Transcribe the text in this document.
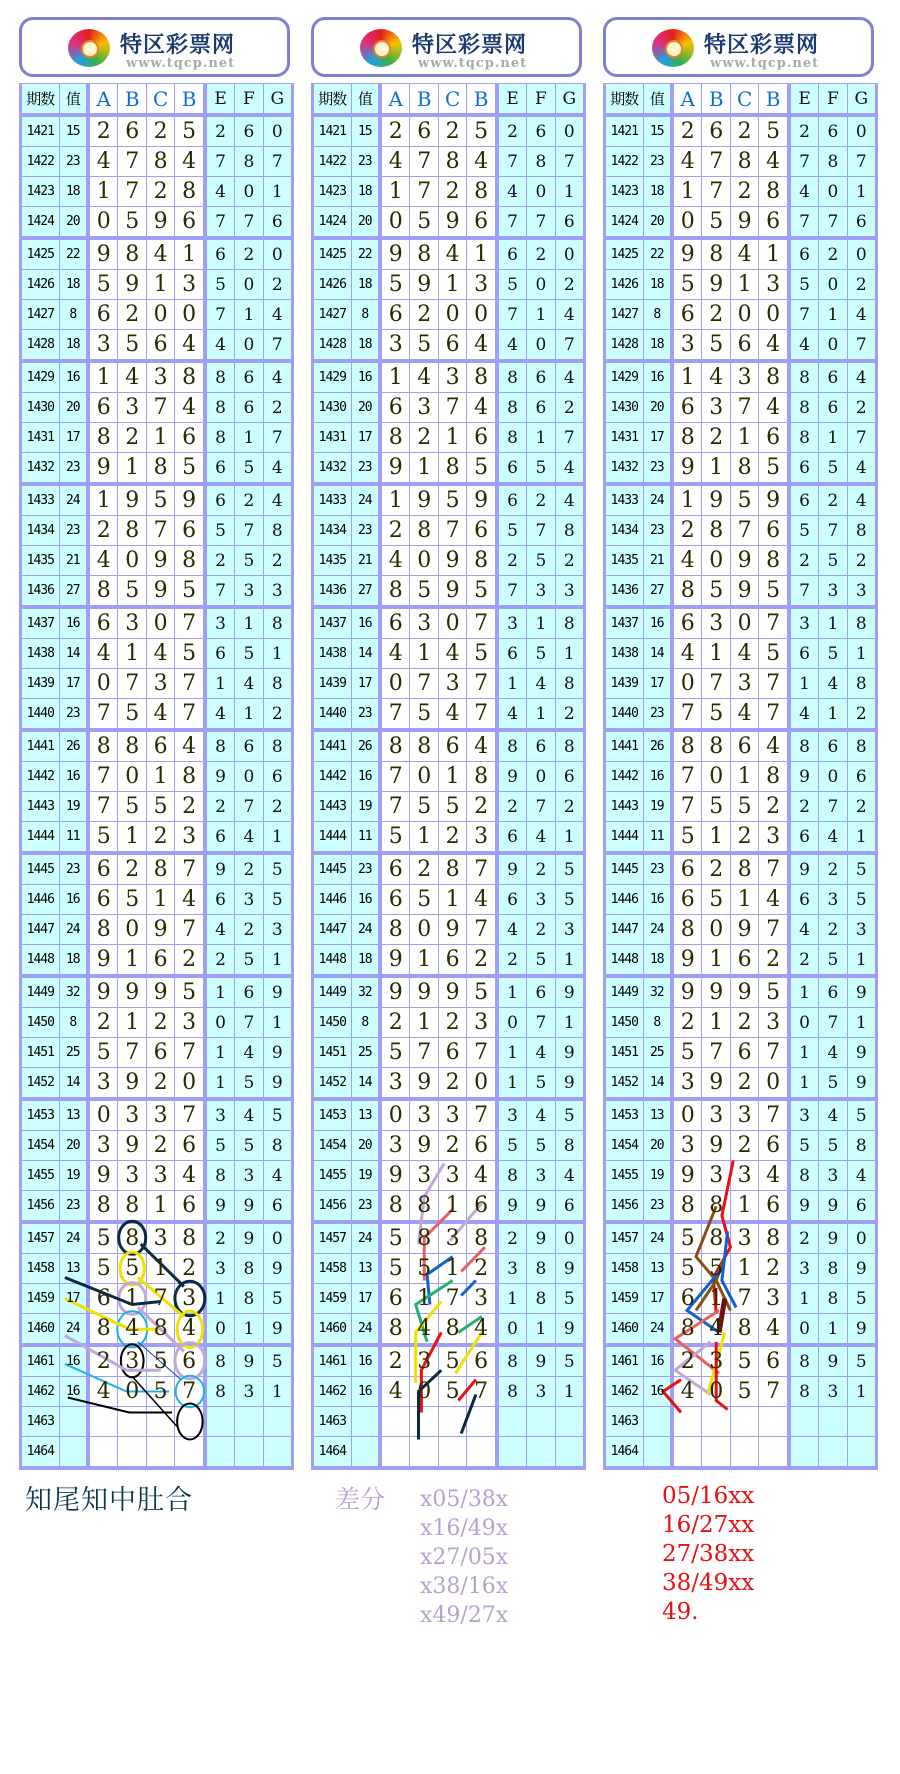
特区彩票网
www.tqcp.net
期数	值	A	B	C	B	E	F	G
1421	15	2	6	2	5	2	6	0
1422	23	4	7	8	4	7	8	7
1423	18	1	7	2	8	4	0	1
1424	20	0	5	9	6	7	7	6
1425	22	9	8	4	1	6	2	0
1426	18	5	9	1	3	5	0	2
1427	8	6	2	0	0	7	1	4
1428	18	3	5	6	4	4	0	7
1429	16	1	4	3	8	8	6	4
1430	20	6	3	7	4	8	6	2
1431	17	8	2	1	6	8	1	7
1432	23	9	1	8	5	6	5	4
1433	24	1	9	5	9	6	2	4
1434	23	2	8	7	6	5	7	8
1435	21	4	0	9	8	2	5	2
1436	27	8	5	9	5	7	3	3
1437	16	6	3	0	7	3	1	8
1438	14	4	1	4	5	6	5	1
1439	17	0	7	3	7	1	4	8
1440	23	7	5	4	7	4	1	2
1441	26	8	8	6	4	8	6	8
1442	16	7	0	1	8	9	0	6
1443	19	7	5	5	2	2	7	2
1444	11	5	1	2	3	6	4	1
1445	23	6	2	8	7	9	2	5
1446	16	6	5	1	4	6	3	5
1447	24	8	0	9	7	4	2	3
1448	18	9	1	6	2	2	5	1
1449	32	9	9	9	5	1	6	9
1450	8	2	1	2	3	0	7	1
1451	25	5	7	6	7	1	4	9
1452	14	3	9	2	0	1	5	9
1453	13	0	3	3	7	3	4	5
1454	20	3	9	2	6	5	5	8
1455	19	9	3	3	4	8	3	4
1456	23	8	8	1	6	9	9	6
1457	24	5	8	3	8	2	9	0
1458	13	5	5	1	2	3	8	9
1459	17	6	1	7	3	1	8	5
1460	24	8	4	8	4	0	1	9
1461	16	2	3	5	6	8	9	5
1462	16	4	0	5	7	8	3	1
1463								
1464								
特区彩票网
www.tqcp.net
期数	值	A	B	C	B	E	F	G
1421	15	2	6	2	5	2	6	0
1422	23	4	7	8	4	7	8	7
1423	18	1	7	2	8	4	0	1
1424	20	0	5	9	6	7	7	6
1425	22	9	8	4	1	6	2	0
1426	18	5	9	1	3	5	0	2
1427	8	6	2	0	0	7	1	4
1428	18	3	5	6	4	4	0	7
1429	16	1	4	3	8	8	6	4
1430	20	6	3	7	4	8	6	2
1431	17	8	2	1	6	8	1	7
1432	23	9	1	8	5	6	5	4
1433	24	1	9	5	9	6	2	4
1434	23	2	8	7	6	5	7	8
1435	21	4	0	9	8	2	5	2
1436	27	8	5	9	5	7	3	3
1437	16	6	3	0	7	3	1	8
1438	14	4	1	4	5	6	5	1
1439	17	0	7	3	7	1	4	8
1440	23	7	5	4	7	4	1	2
1441	26	8	8	6	4	8	6	8
1442	16	7	0	1	8	9	0	6
1443	19	7	5	5	2	2	7	2
1444	11	5	1	2	3	6	4	1
1445	23	6	2	8	7	9	2	5
1446	16	6	5	1	4	6	3	5
1447	24	8	0	9	7	4	2	3
1448	18	9	1	6	2	2	5	1
1449	32	9	9	9	5	1	6	9
1450	8	2	1	2	3	0	7	1
1451	25	5	7	6	7	1	4	9
1452	14	3	9	2	0	1	5	9
1453	13	0	3	3	7	3	4	5
1454	20	3	9	2	6	5	5	8
1455	19	9	3	3	4	8	3	4
1456	23	8	8	1	6	9	9	6
1457	24	5	8	3	8	2	9	0
1458	13	5	5	1	2	3	8	9
1459	17	6	1	7	3	1	8	5
1460	24	8	4	8	4	0	1	9
1461	16	2	3	5	6	8	9	5
1462	16	4	0	5	7	8	3	1
1463								
1464								
特区彩票网
www.tqcp.net
期数	值	A	B	C	B	E	F	G
1421	15	2	6	2	5	2	6	0
1422	23	4	7	8	4	7	8	7
1423	18	1	7	2	8	4	0	1
1424	20	0	5	9	6	7	7	6
1425	22	9	8	4	1	6	2	0
1426	18	5	9	1	3	5	0	2
1427	8	6	2	0	0	7	1	4
1428	18	3	5	6	4	4	0	7
1429	16	1	4	3	8	8	6	4
1430	20	6	3	7	4	8	6	2
1431	17	8	2	1	6	8	1	7
1432	23	9	1	8	5	6	5	4
1433	24	1	9	5	9	6	2	4
1434	23	2	8	7	6	5	7	8
1435	21	4	0	9	8	2	5	2
1436	27	8	5	9	5	7	3	3
1437	16	6	3	0	7	3	1	8
1438	14	4	1	4	5	6	5	1
1439	17	0	7	3	7	1	4	8
1440	23	7	5	4	7	4	1	2
1441	26	8	8	6	4	8	6	8
1442	16	7	0	1	8	9	0	6
1443	19	7	5	5	2	2	7	2
1444	11	5	1	2	3	6	4	1
1445	23	6	2	8	7	9	2	5
1446	16	6	5	1	4	6	3	5
1447	24	8	0	9	7	4	2	3
1448	18	9	1	6	2	2	5	1
1449	32	9	9	9	5	1	6	9
1450	8	2	1	2	3	0	7	1
1451	25	5	7	6	7	1	4	9
1452	14	3	9	2	0	1	5	9
1453	13	0	3	3	7	3	4	5
1454	20	3	9	2	6	5	5	8
1455	19	9	3	3	4	8	3	4
1456	23	8	8	1	6	9	9	6
1457	24	5	8	3	8	2	9	0
1458	13	5	5	1	2	3	8	9
1459	17	6	1	7	3	1	8	5
1460	24	8	4	8	4	0	1	9
1461	16	2	3	5	6	8	9	5
1462	16	4	0	5	7	8	3	1
1463								
1464								
知尾知中肚合	差分	x05/38x
x16/49x
x27/05x
x38/16x
x49/27x
05/16xx
16/27xx
27/38xx
38/49xx
49.
